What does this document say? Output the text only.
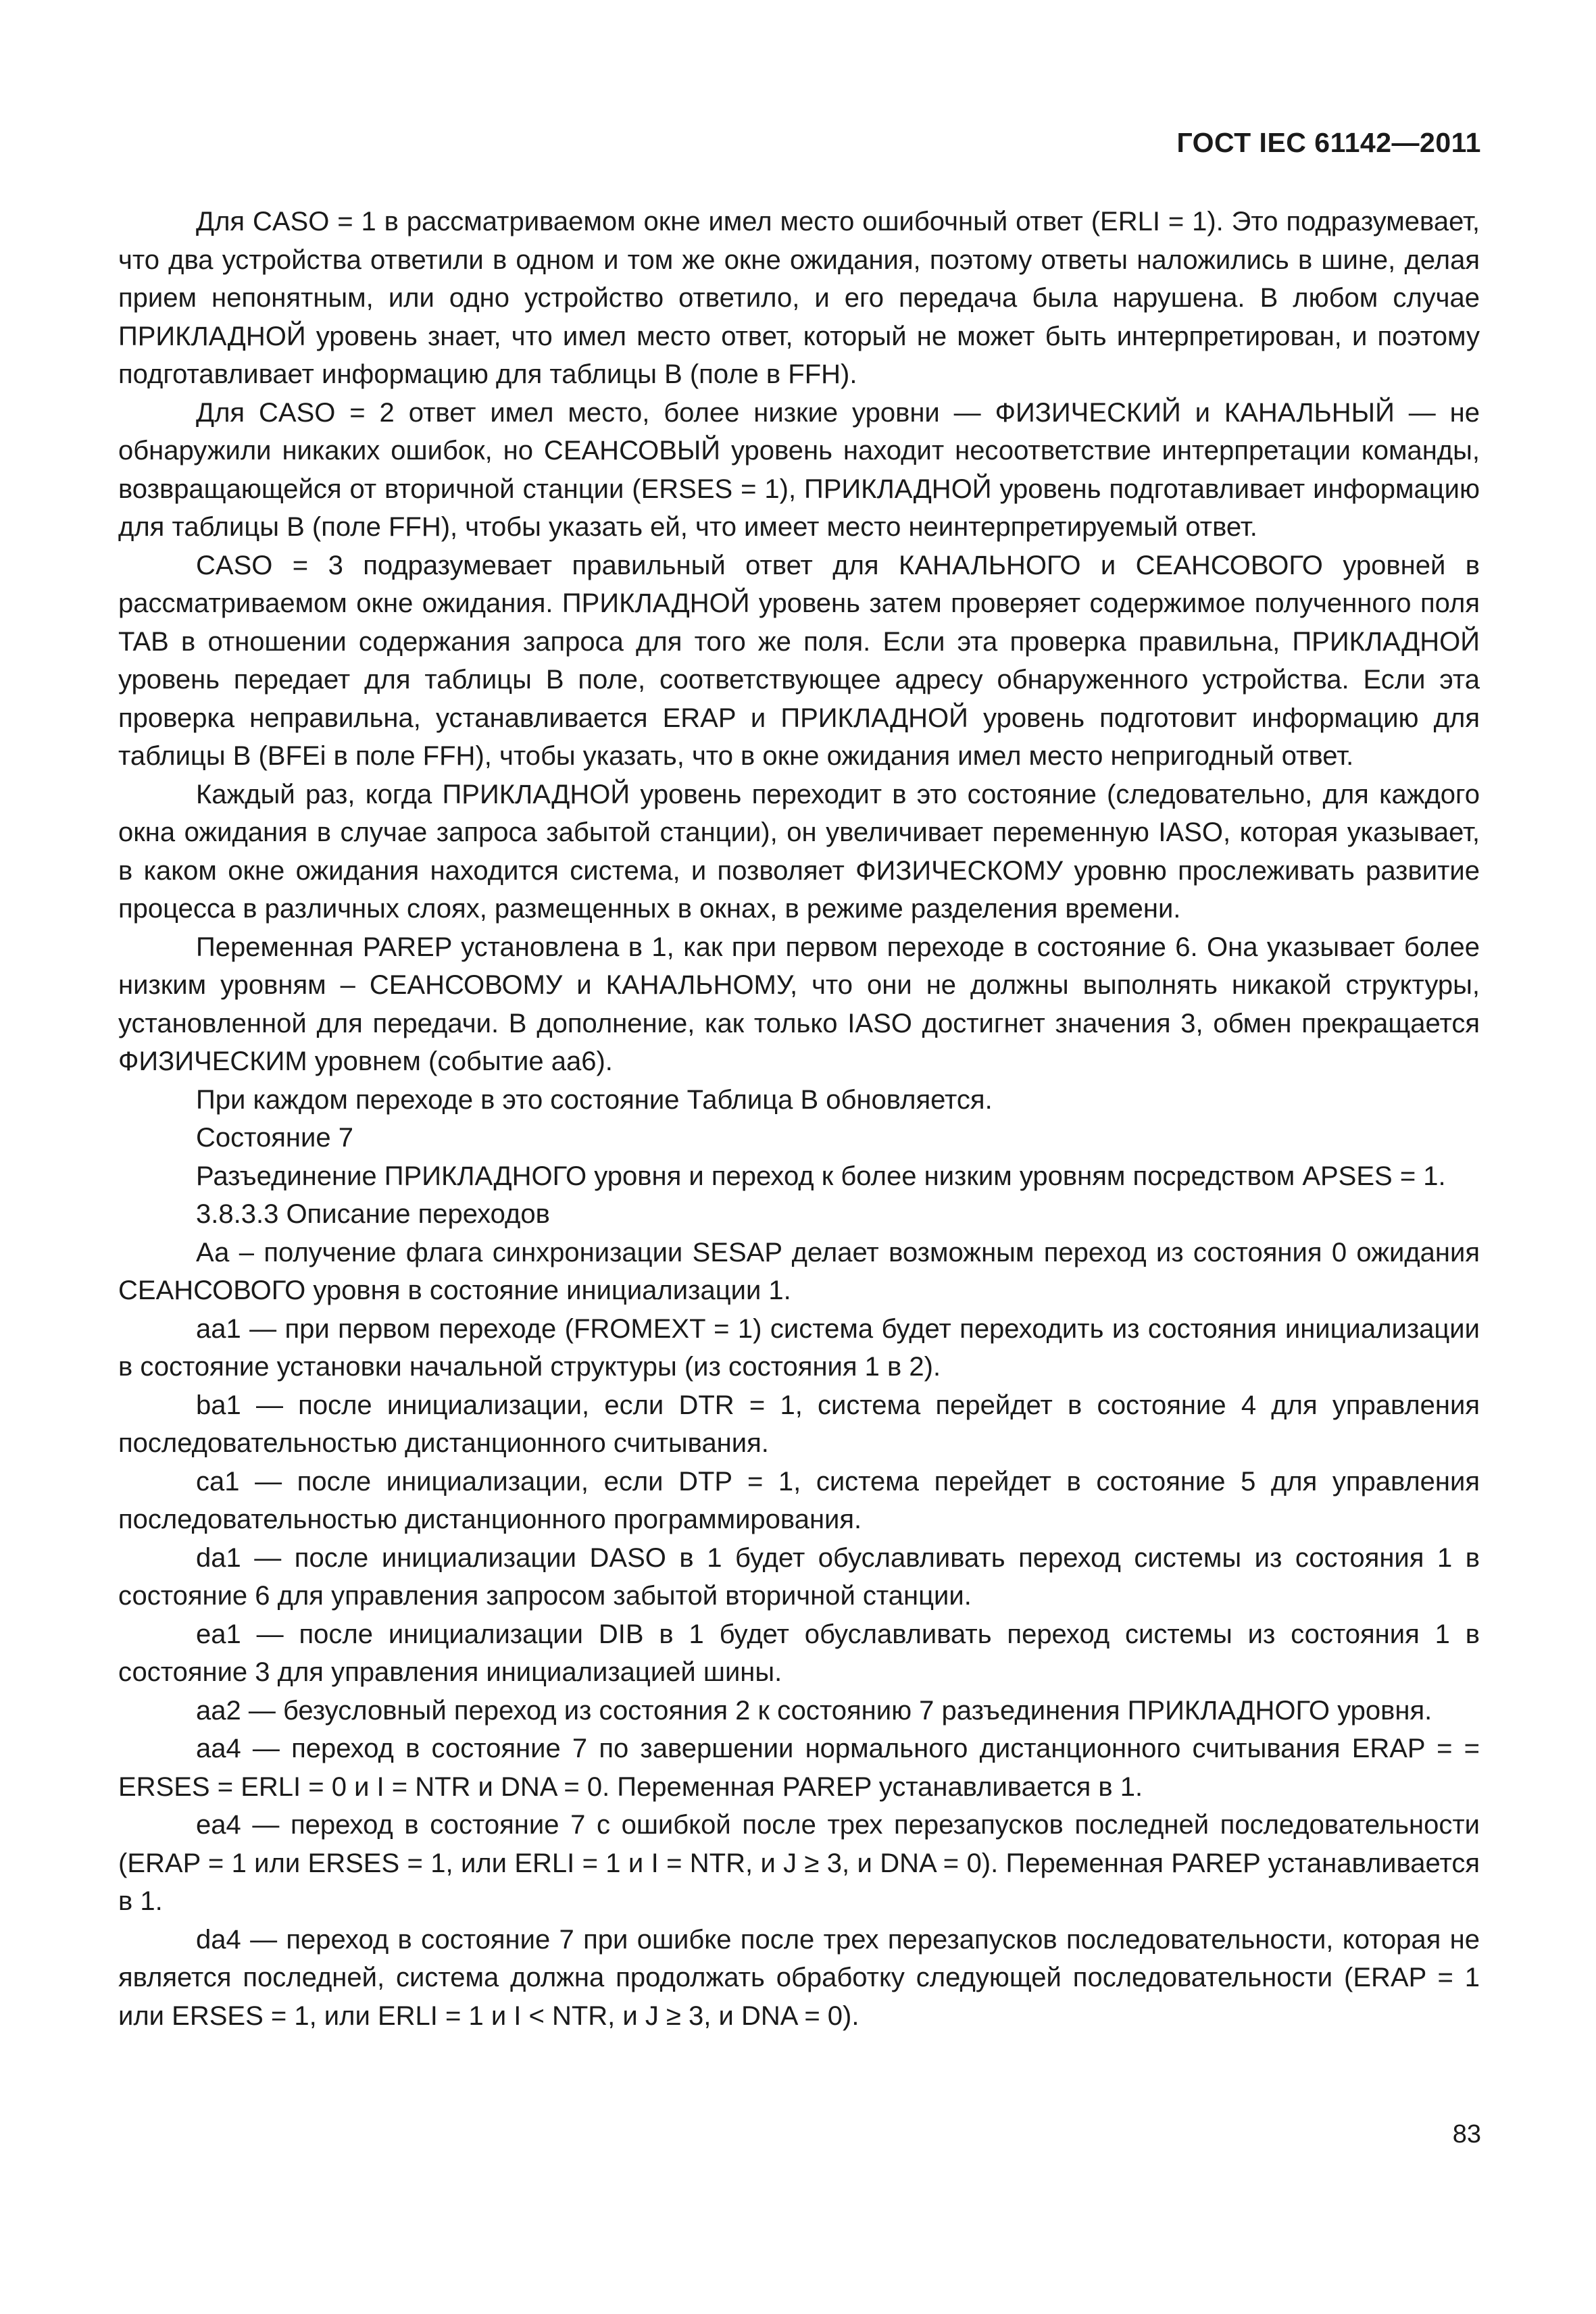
ГОСТ IEC 61142—2011

Для CASO = 1 в рассматриваемом окне имел место ошибочный ответ (ERLI = 1). Это подразумевает, что два устройства ответили в одном и том же окне ожидания, поэтому ответы наложились в шине, делая прием непонятным, или одно устройство ответило, и его передача была нарушена. В любом случае ПРИКЛАДНОЙ уровень знает, что имел место ответ, который не может быть интерпретирован, и поэтому подготавливает информацию для таблицы В (поле в FFH).

Для CASO = 2 ответ имел место, более низкие уровни — ФИЗИЧЕСКИЙ и КАНАЛЬНЫЙ — не обнаружили никаких ошибок, но СЕАНСОВЫЙ уровень находит несоответствие интерпретации команды, возвращающейся от вторичной станции (ERSES = 1), ПРИКЛАДНОЙ уровень подготавливает информацию для таблицы В (поле FFH), чтобы указать ей, что имеет место неинтерпретируемый ответ.

CASO = 3 подразумевает правильный ответ для КАНАЛЬНОГО и СЕАНСОВОГО уровней в рассматриваемом окне ожидания. ПРИКЛАДНОЙ уровень затем проверяет содержимое полученного поля TAB в отношении содержания запроса для того же поля. Если эта проверка правильна, ПРИКЛАДНОЙ уровень передает для таблицы В поле, соответствующее адресу обнаруженного устройства. Если эта проверка неправильна, устанавливается ERAP и ПРИКЛАДНОЙ уровень подготовит информацию для таблицы В (BFEi в поле FFH), чтобы указать, что в окне ожидания имел место непригодный ответ.

Каждый раз, когда ПРИКЛАДНОЙ уровень переходит в это состояние (следовательно, для каждого окна ожидания в случае запроса забытой станции), он увеличивает переменную IASO, которая указывает, в каком окне ожидания находится система, и позволяет ФИЗИЧЕСКОМУ уровню прослеживать развитие процесса в различных слоях, размещенных в окнах, в режиме разделения времени.

Переменная PAREP установлена в 1, как при первом переходе в состояние 6. Она указывает более низким уровням – СЕАНСОВОМУ и КАНАЛЬНОМУ, что они не должны выполнять никакой структуры, установленной для передачи. В дополнение, как только IASO достигнет значения 3, обмен прекращается ФИЗИЧЕСКИМ уровнем (событие аа6).

При каждом переходе в это состояние Таблица В обновляется.

Состояние 7

Разъединение ПРИКЛАДНОГО уровня и переход к более низким уровням посредством APSES = 1.

3.8.3.3 Описание переходов

Аа – получение флага синхронизации SESAP делает возможным переход из состояния 0 ожидания СЕАНСОВОГО уровня в состояние инициализации 1.

аа1 — при первом переходе (FROMEXT = 1) система будет переходить из состояния инициализации в состояние установки начальной структуры (из состояния 1 в 2).

bа1 — после инициализации, если DTR = 1, система перейдет в состояние 4 для управления последовательностью дистанционного считывания.

са1 — после инициализации, если DTP = 1, система перейдет в состояние 5 для управления последовательностью дистанционного программирования.

dа1 — после инициализации DASO в 1 будет обуславливать переход системы из состояния 1 в состояние 6 для управления запросом забытой вторичной станции.

еа1 — после инициализации DIB в 1 будет обуславливать переход системы из состояния 1 в состояние 3 для управления инициализацией шины.

аа2 — безусловный переход из состояния 2 к состоянию 7 разъединения ПРИКЛАДНОГО уровня.

аа4 — переход в состояние 7 по завершении нормального дистанционного считывания ERAP = = ERSES = ERLI = 0 и I = NTR и DNA = 0. Переменная PAREP устанавливается в 1.

еа4 — переход в состояние 7 с ошибкой после трех перезапусков последней последовательности (ERAP = 1 или ERSES = 1, или ERLI = 1 и I = NTR, и J ≥ 3, и DNA = 0). Переменная PAREP устанавливается в 1.

dа4 — переход в состояние 7 при ошибке после трех перезапусков последовательности, которая не является последней, система должна продолжать обработку следующей последовательности (ERAP = 1 или ERSES = 1, или ERLI = 1 и I < NTR, и J ≥ 3, и DNA = 0).

83
